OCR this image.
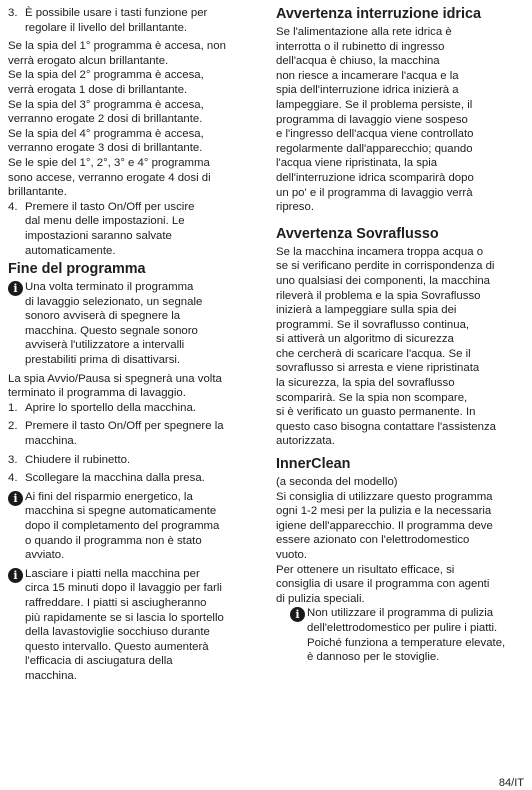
3. È possibile usare i tasti funzione per
regolare il livello del brillantante.
Se la spia del 1° programma è accesa, non
verrà erogato alcun brillantante.
Se la spia del 2° programma è accesa,
verrà erogata 1 dose di brillantante.
Se la spia del 3° programma è accesa,
verranno erogate 2 dosi di brillantante.
Se la spia del 4° programma è accesa,
verranno erogate 3 dosi di brillantante.
Se le spie del 1°, 2°, 3° e 4° programma
sono accese, verranno erogate 4 dosi di
brillantante.
4. Premere il tasto On/Off per uscire
dal menu delle impostazioni. Le
impostazioni saranno salvate
automaticamente.
Fine del programma
i Una volta terminato il programma
di lavaggio selezionato, un segnale
sonoro avviserà di spegnere la
macchina. Questo segnale sonoro
avviserà l'utilizzatore a intervalli
prestabiliti prima di disattivarsi.
La spia Avvio/Pausa si spegnerà una volta
terminato il programma di lavaggio.
1. Aprire lo sportello della macchina.
2. Premere il tasto On/Off per spegnere la
macchina.
3. Chiudere il rubinetto.
4. Scollegare la macchina dalla presa.
i Ai fini del risparmio energetico, la
macchina si spegne automaticamente
dopo il completamento del programma
o quando il programma non è stato
avviato.
i Lasciare i piatti nella macchina per
circa 15 minuti dopo il lavaggio per farli
raffreddare. I piatti si asciugheranno
più rapidamente se si lascia lo sportello
della lavastoviglie socchiuso durante
questo intervallo. Questo aumenterà
l'efficacia di asciugatura della
macchina.
Avvertenza interruzione idrica
Se l'alimentazione alla rete idrica è
interrotta o il rubinetto di ingresso
dell'acqua è chiuso, la macchina
non riesce a incamerare l'acqua e la
spia dell'interruzione idrica inizierà a
lampeggiare. Se il problema persiste, il
programma di lavaggio viene sospeso
e l'ingresso dell'acqua viene controllato
regolarmente dall'apparecchio; quando
l'acqua viene ripristinata, la spia
dell'interruzione idrica scomparirà dopo
un po' e il programma di lavaggio verrà
ripreso.
Avvertenza Sovraflusso
Se la macchina incamera troppa acqua o
se si verificano perdite in corrispondenza di
uno qualsiasi dei componenti, la macchina
rileverà il problema e la spia Sovraflusso
inizierà a lampeggiare sulla spia dei
programmi. Se il sovraflusso continua,
si attiverà un algoritmo di sicurezza
che cercherà di scaricare l'acqua. Se il
sovraflusso si arresta e viene ripristinata
la sicurezza, la spia del sovraflusso
scomparirà. Se la spia non scompare,
si è verificato un guasto permanente. In
questo caso bisogna contattare l'assistenza
autorizzata.
InnerClean
(a seconda del modello)
Si consiglia di utilizzare questo programma
ogni 1-2 mesi per la pulizia e la necessaria
igiene dell'apparecchio. Il programma deve
essere azionato con l'elettrodomestico
vuoto.
Per ottenere un risultato efficace, si
consiglia di usare il programma con agenti
di pulizia speciali.
i Non utilizzare il programma di pulizia
dell'elettrodomestico per pulire i piatti.
Poiché funziona a temperature elevate,
è dannoso per le stoviglie.
84/IT
